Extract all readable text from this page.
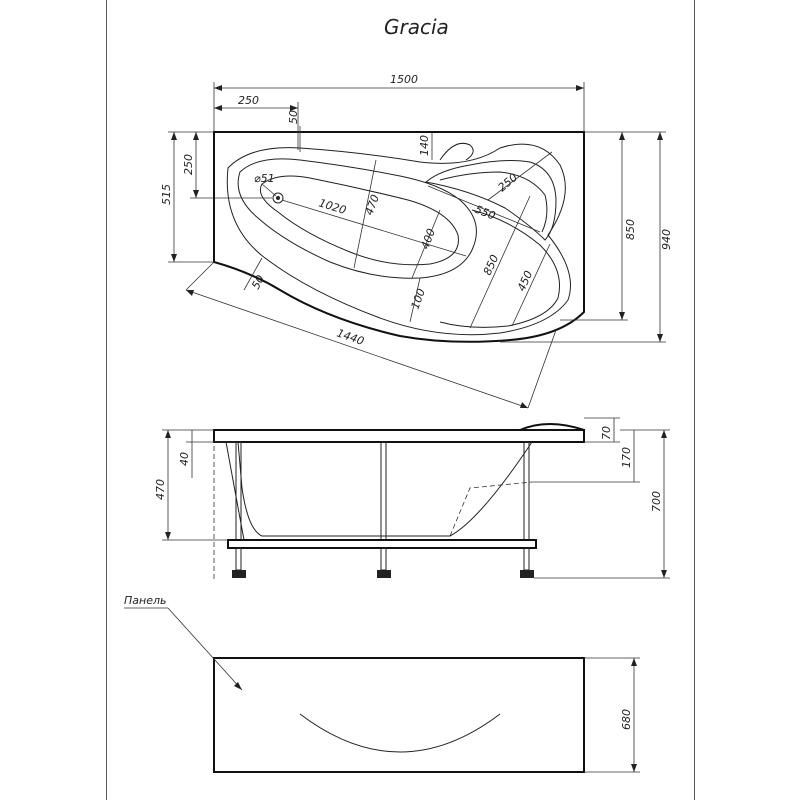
Gracia
1500
250
50
515
250
⌀51
1020 470
400
100
50
1440
140
250
550
850
450
850 940
470
40
70
170
700
Панель
680
